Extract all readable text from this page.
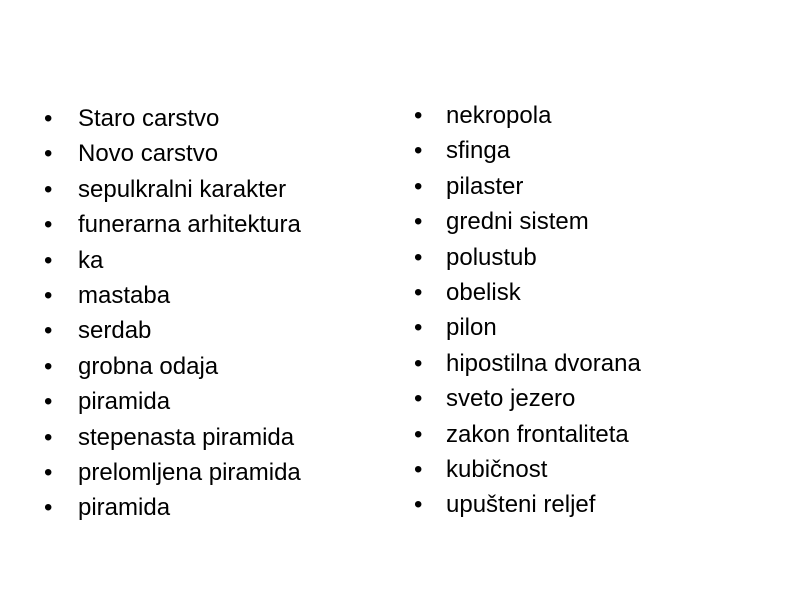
•	Staro carstvo
•	Novo carstvo
•	sepulkralni karakter
•	funerarna arhitektura
•	ka
•	mastaba
•	serdab
•	grobna odaja
•	piramida
•	stepenasta piramida
•	prelomljena piramida
•	piramida
• nekropola
• sfinga
• pilaster
• gredni sistem
• polustub
• obelisk
• pilon
• hipostilna dvorana
• sveto jezero
• zakon frontaliteta
• kubičnost
• upušteni reljef
